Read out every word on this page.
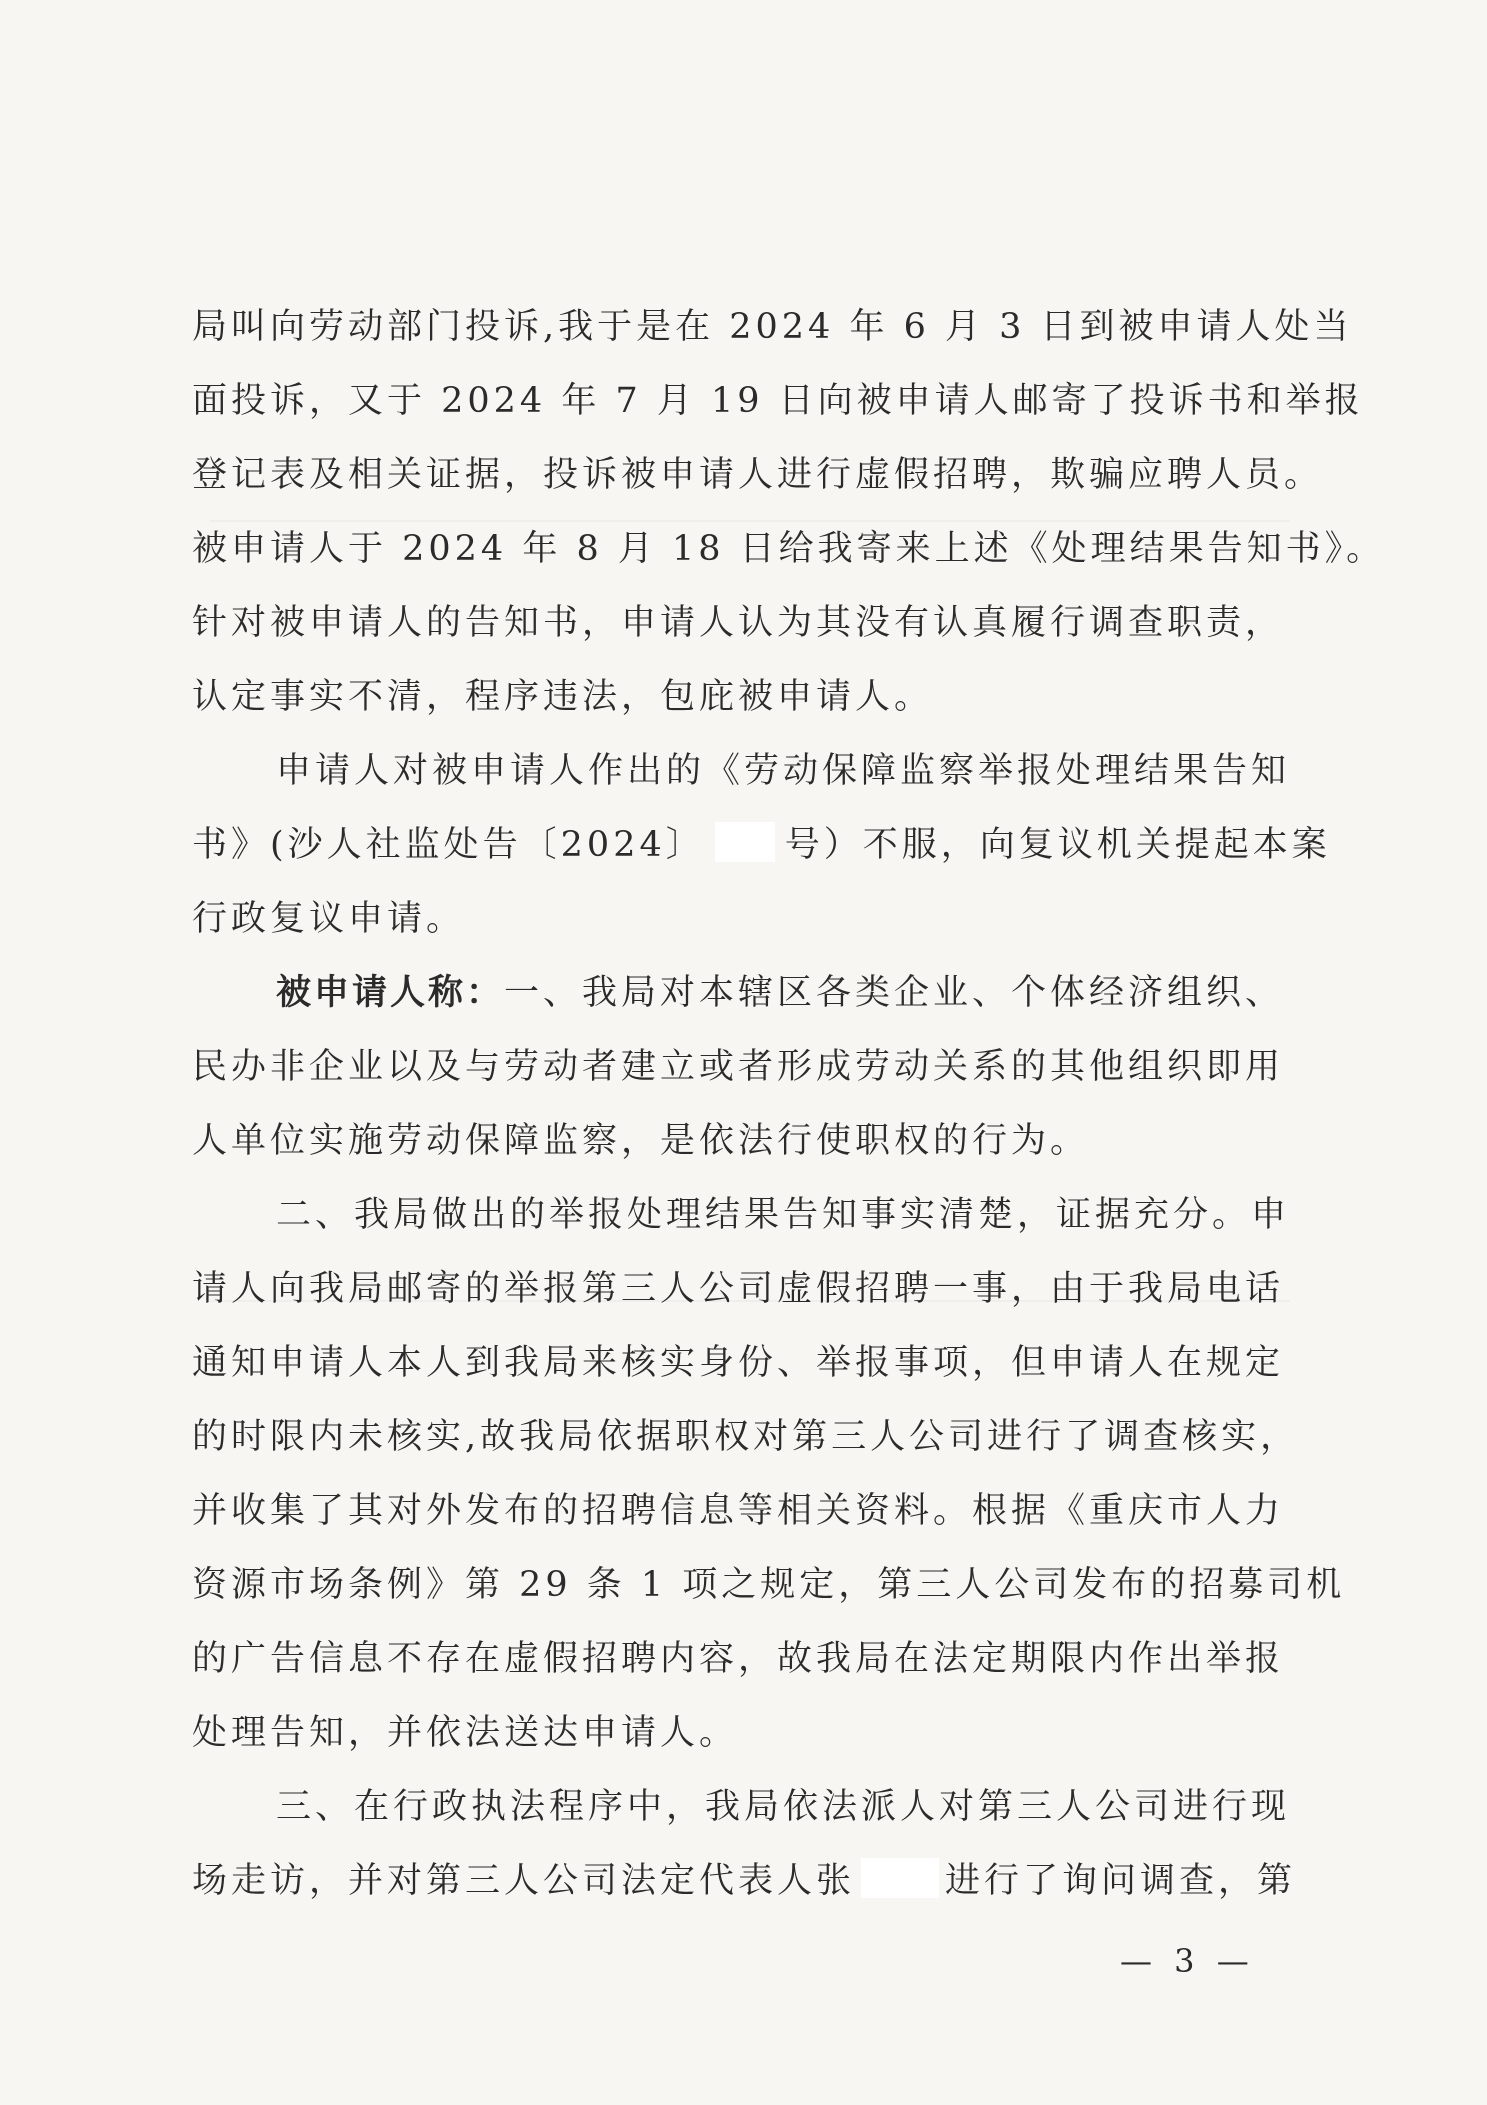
局叫向劳动部门投诉,我于是在 2024 年 6 月 3 日到被申请人处当
面投诉，又于 2024 年 7 月 19 日向被申请人邮寄了投诉书和举报
登记表及相关证据，投诉被申请人进行虚假招聘，欺骗应聘人员。
被申请人于 2024 年 8 月 18 日给我寄来上述《处理结果告知书》。
针对被申请人的告知书，申请人认为其没有认真履行调查职责，
认定事实不清，程序违法，包庇被申请人。

申请人对被申请人作出的《劳动保障监察举报处理结果告知
书》(沙人社监处告〔2024〕 号）不服，向复议机关提起本案
行政复议申请。

被申请人称：一、我局对本辖区各类企业、个体经济组织、
民办非企业以及与劳动者建立或者形成劳动关系的其他组织即用
人单位实施劳动保障监察，是依法行使职权的行为。

二、我局做出的举报处理结果告知事实清楚，证据充分。申
请人向我局邮寄的举报第三人公司虚假招聘一事，由于我局电话
通知申请人本人到我局来核实身份、举报事项，但申请人在规定
的时限内未核实,故我局依据职权对第三人公司进行了调查核实，
并收集了其对外发布的招聘信息等相关资料。根据《重庆市人力
资源市场条例》第 29 条 1 项之规定，第三人公司发布的招募司机
的广告信息不存在虚假招聘内容，故我局在法定期限内作出举报
处理告知，并依法送达申请人。

三、在行政执法程序中，我局依法派人对第三人公司进行现
场走访，并对第三人公司法定代表人张	进行了询问调查，第

— 3 —
